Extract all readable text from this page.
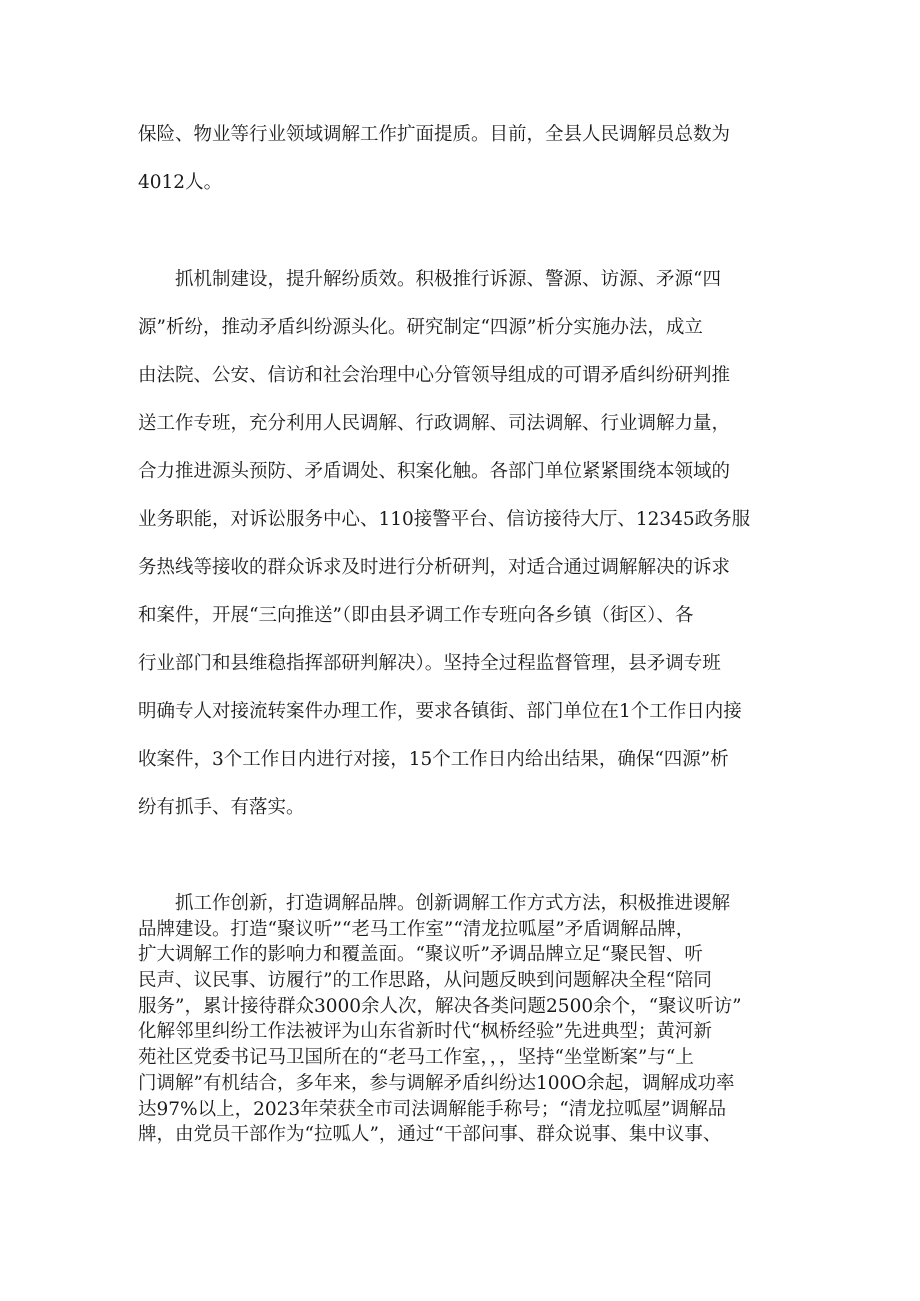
保险、物业等行业领域调解工作扩面提质。目前，全县人民调解员总数为
4012人。
　　抓机制建设，提升解纷质效。积极推行诉源、警源、访源、矛源“四
源”析纷，推动矛盾纠纷源头化。研究制定“四源”析分实施办法，成立
由法院、公安、信访和社会治理中心分管领导组成的可谓矛盾纠纷研判推
送工作专班，充分利用人民调解、行政调解、司法调解、行业调解力量，
合力推进源头预防、矛盾调处、积案化触。各部门单位紧紧围绕本领域的
业务职能，对诉讼服务中心、110接警平台、信访接待大厅、12345政务服
务热线等接收的群众诉求及时进行分析研判，对适合通过调解解决的诉求
和案件，开展“三向推送”（即由县矛调工作专班向各乡镇（街区）、各
行业部门和县维稳指挥部研判解决）。坚持全过程监督管理，县矛调专班
明确专人对接流转案件办理工作，要求各镇街、部门单位在1个工作日内接
收案件，3个工作日内进行对接，15个工作日内给出结果，确保“四源”析
纷有抓手、有落实。
　　抓工作创新，打造调解品牌。创新调解工作方式方法，积极推进谡解
品牌建设。打造“聚议听”“老马工作室”“清龙拉呱屋”矛盾调解品牌，
扩大调解工作的影响力和覆盖面。“聚议听”矛调品牌立足“聚民智、听
民声、议民事、访履行”的工作思路，从问题反映到问题解决全程“陪同
服务”，累计接待群众3000余人次，解决各类问题2500余个，“聚议听访”
化解邻里纠纷工作法被评为山东省新时代“枫桥经验”先进典型；黄河新
苑社区党委书记马卫国所在的“老马工作室，，，坚持“坐堂断案”与“上
门调解”有机结合，多年来，参与调解矛盾纠纷达100O余起，调解成功率
达97%以上，2023年荣获全市司法调解能手称号；“清龙拉呱屋”调解品
牌，由党员干部作为“拉呱人”，通过“干部问事、群众说事、集中议事、
